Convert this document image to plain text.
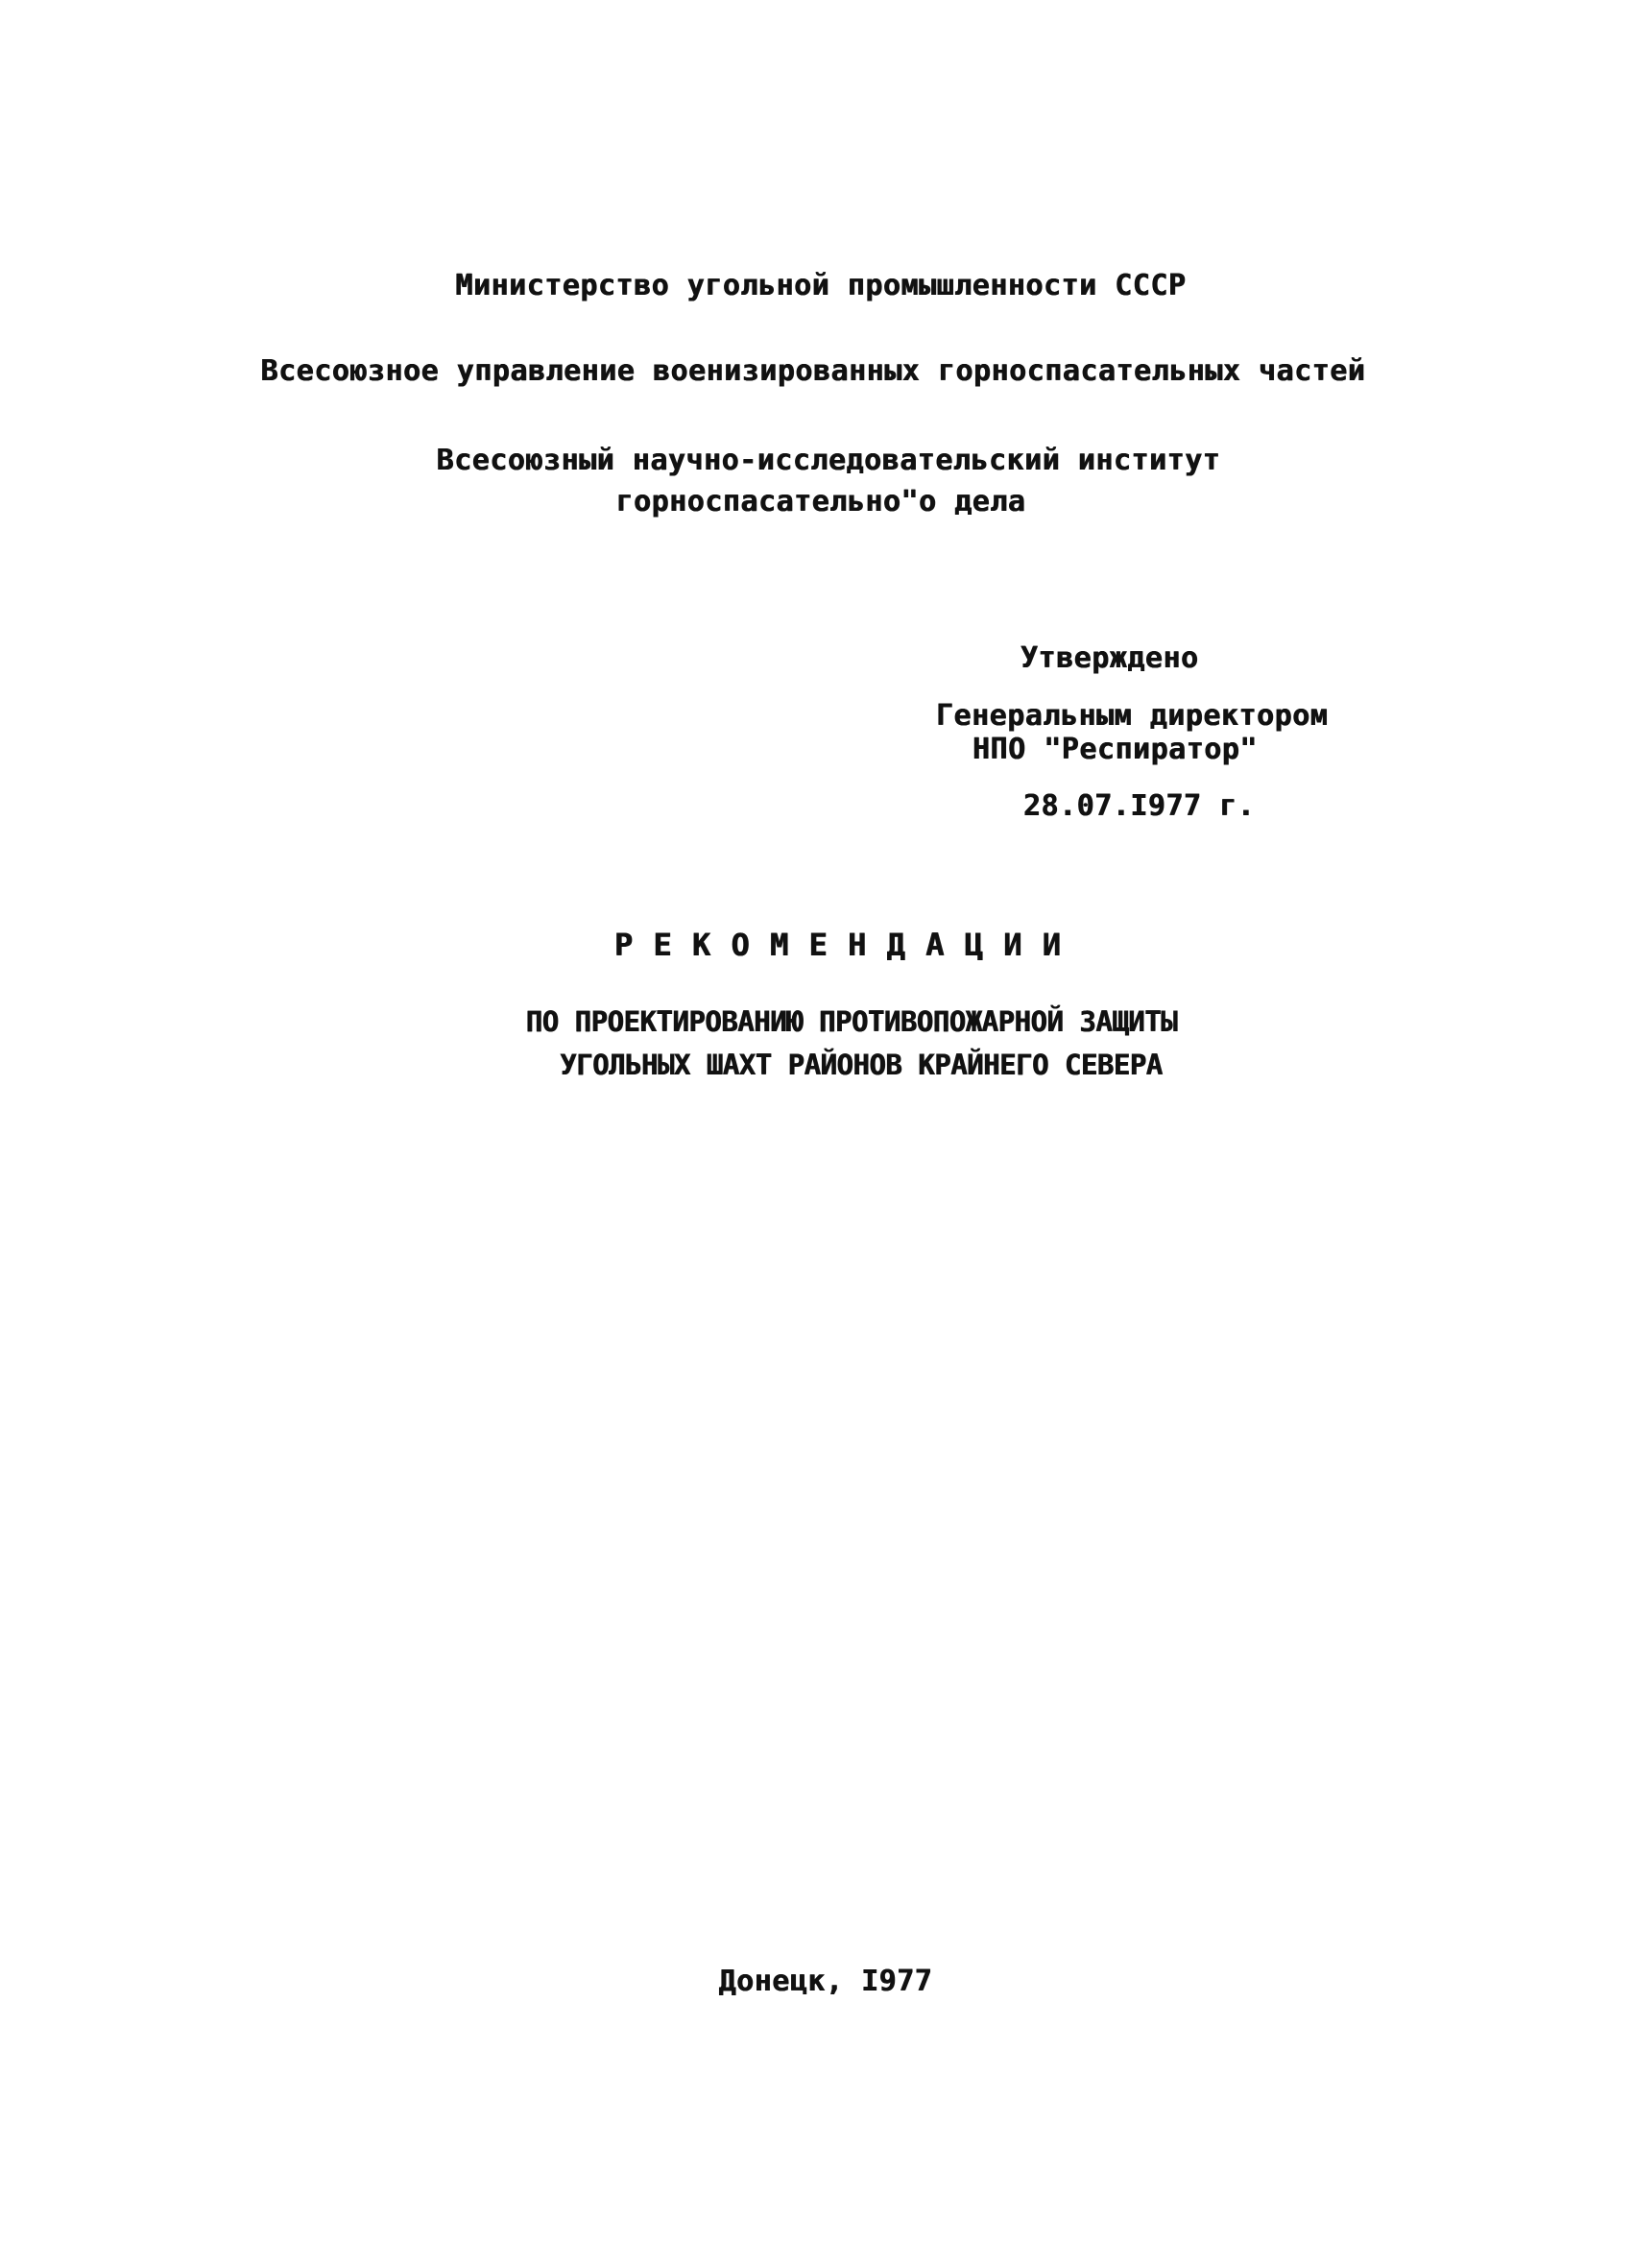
Министерство угольной промышленности СССР
Всесоюзное управление военизированных горноспасательных частей
Всесоюзный научно-исследовательский институт
горноспасательно"о дела
Утверждено
Генеральным директором
НПО "Респиратор"
28.07.I977 г.
Р Е К О М Е Н Д А Ц И И
ПО ПРОЕКТИРОВАНИЮ ПРОТИВОПОЖАРНОЙ ЗАЩИТЫ
УГОЛЬНЫХ ШАХТ РАЙОНОВ КРАЙНЕГО СЕВЕРА
Донецк, I977
